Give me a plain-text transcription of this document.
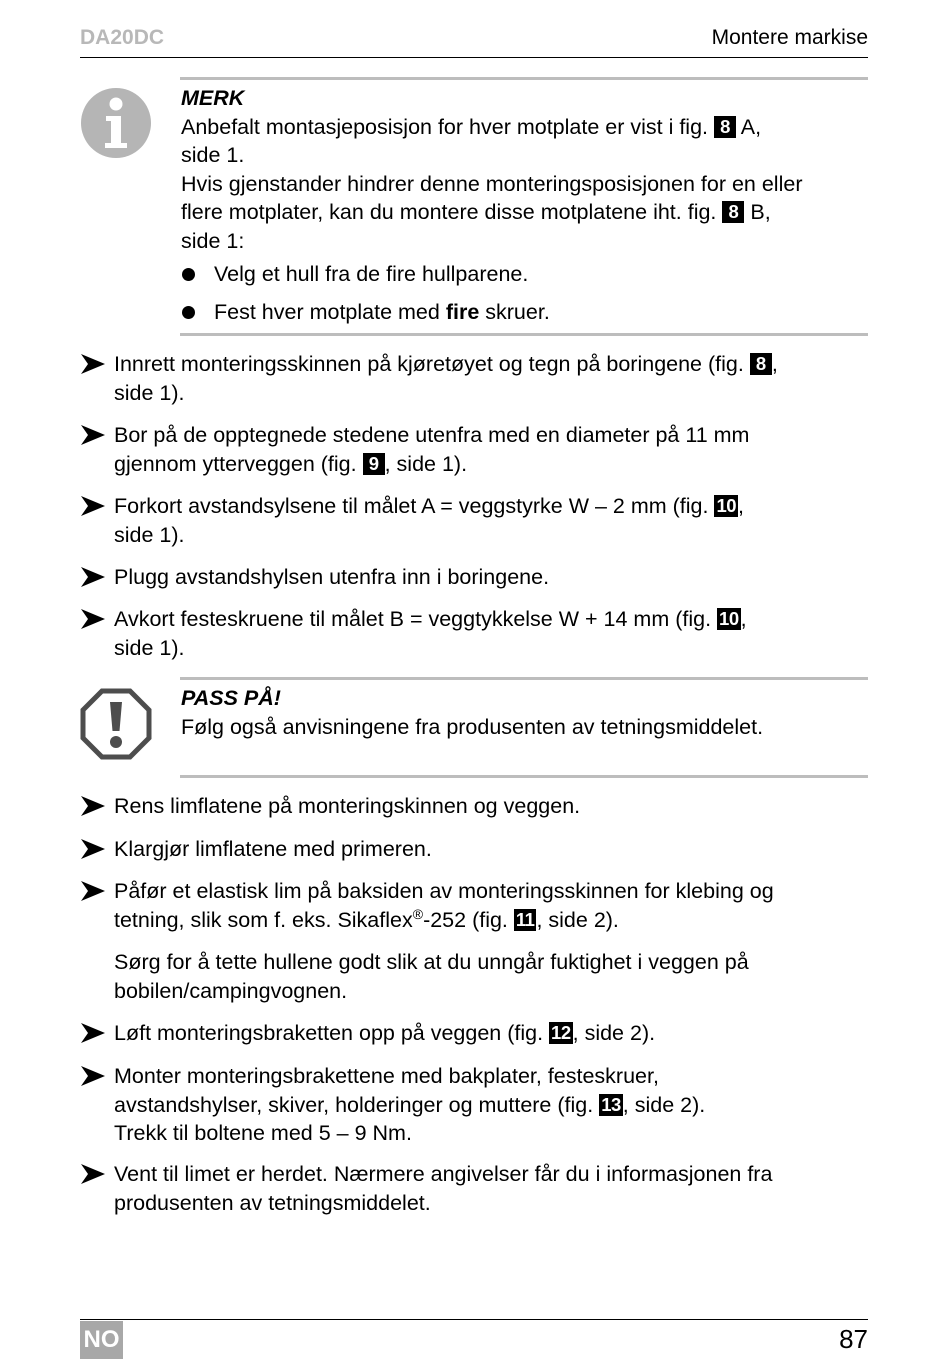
DA20DC	Montere markise
MERK
Anbefalt montasjeposisjon for hver motplate er vist i fig. 8 A,
side 1.
Hvis gjenstander hindrer denne monteringsposisjonen for en eller
flere motplater, kan du montere disse motplatene iht. fig. 8 B,
side 1:
Velg et hull fra de fire hullparene.
Fest hver motplate med fire skruer.
Innrett monteringsskinnen på kjøretøyet og tegn på boringene (fig. 8 ,
side 1).
Bor på de opptegnede stedene utenfra med en diameter på 11 mm
gjennom ytterveggen (fig. 9 , side 1).
Forkort avstandsylsene til målet A = veggstyrke W – 2 mm (fig. 10,
side 1).
Plugg avstandshylsen utenfra inn i boringene.
Avkort festeskruene til målet B = veggtykkelse W + 14 mm (fig. 10,
side 1).
PASS PÅ!
Følg også anvisningene fra produsenten av tetningsmiddelet.
Rens limflatene på monteringskinnen og veggen.
Klargjør limflatene med primeren.
Påfør et elastisk lim på baksiden av monteringsskinnen for klebing og
tetning, slik som f. eks. Sikaflex®-252 (fig. 11, side 2).
Sørg for å tette hullene godt slik at du unngår fuktighet i veggen på
bobilen/campingvognen.
Løft monteringsbraketten opp på veggen (fig. 12, side 2).
Monter monteringsbrakettene med bakplater, festeskruer,
avstandshylser, skiver, holderinger og muttere (fig. 13, side 2).
Trekk til boltene med 5 – 9 Nm.
Vent til limet er herdet. Nærmere angivelser får du i informasjonen fra
produsenten av tetningsmiddelet.
NO	87
